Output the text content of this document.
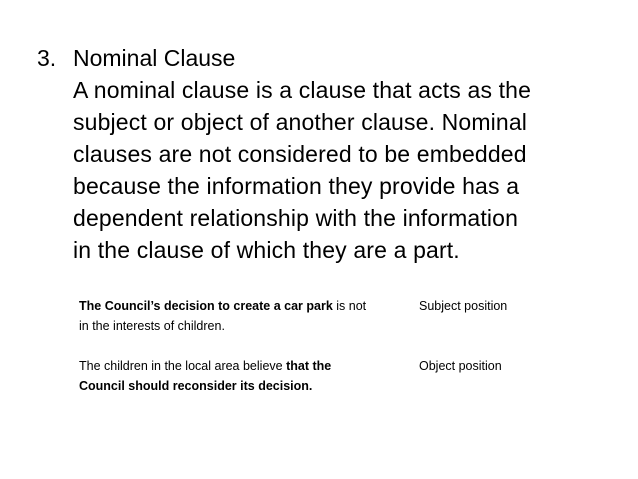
3. Nominal Clause
A nominal clause is a clause that acts as the
subject or object of another clause. Nominal
clauses are not considered to be embedded
because the information they provide has a
dependent relationship with the information
in the clause of which they are a part.
The Council’s decision to create a car park is not
in the interests of children.
Subject position
The children in the local area believe that the
Council should reconsider its decision.
Object position
